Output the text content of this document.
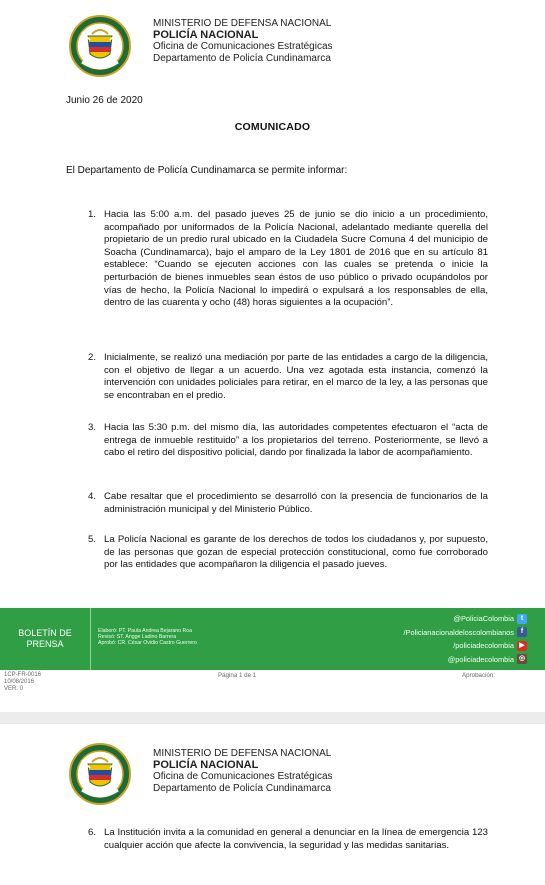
MINISTERIO DE DEFENSA NACIONAL
POLICÍA NACIONAL
Oficina de Comunicaciones Estratégicas
Departamento de Policía Cundinamarca
Junio 26 de 2020
COMUNICADO
El Departamento de Policía Cundinamarca se permite informar:
1. Hacia las 5:00 a.m. del pasado jueves 25 de junio se dio inicio a un procedimiento, acompañado por uniformados de la Policía Nacional, adelantado mediante querella del propietario de un predio rural ubicado en la Ciudadela Sucre Comuna 4 del municipio de Soacha (Cundinamarca), bajo el amparo de la Ley 1801 de 2016 que en su artículo 81 establece: “Cuando se ejecuten acciones con las cuales se pretenda o inicie la perturbación de bienes inmuebles sean éstos de uso público o privado ocupándolos por vías de hecho, la Policía Nacional lo impedirá o expulsará a los responsables de ella, dentro de las cuarenta y ocho (48) horas siguientes a la ocupación”.
2. Inicialmente, se realizó una mediación por parte de las entidades a cargo de la diligencia, con el objetivo de llegar a un acuerdo. Una vez agotada esta instancia, comenzó la intervención con unidades policiales para retirar, en el marco de la ley, a las personas que se encontraban en el predio.
3. Hacia las 5:30 p.m. del mismo día, las autoridades competentes efectuaron el “acta de entrega de inmueble restituido” a los propietarios del terreno. Posteriormente, se llevó a cabo el retiro del dispositivo policial, dando por finalizada la labor de acompañamiento.
4. Cabe resaltar que el procedimiento se desarrolló con la presencia de funcionarios de la administración municipal y del Ministerio Público.
5. La Policía Nacional es garante de los derechos de todos los ciudadanos y, por supuesto, de las personas que gozan de especial protección constitucional, como fue corroborado por las entidades que acompañaron la diligencia el pasado jueves.
BOLETÍN DE
PRENSA
Elaboró: PT. Paula Andrea Bejarano Roa
Revisó: ST. Angge Ladino Barrera
Aprobó: CR. César Ovidio Castro Guerrero
@PoliciaColombia t
/Policianacionaldeloscolombianos f
/policiadecolombia ▶
@policiadecolombia ◎
1CP-FR-0016
10/08/2016
VER: 0
Página 1 de 1	Aprobación:
MINISTERIO DE DEFENSA NACIONAL
POLICÍA NACIONAL
Oficina de Comunicaciones Estratégicas
Departamento de Policía Cundinamarca
6. La Institución invita a la comunidad en general a denunciar en la línea de emergencia 123 cualquier acción que afecte la convivencia, la seguridad y las medidas sanitarias.
